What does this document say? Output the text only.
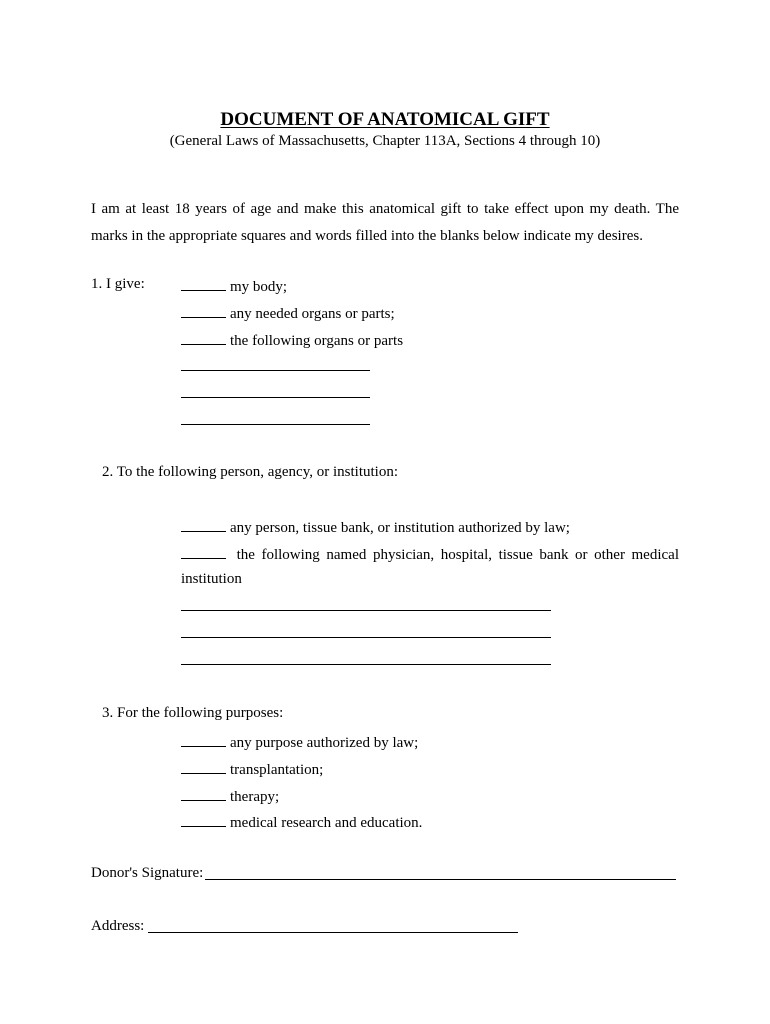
DOCUMENT OF ANATOMICAL GIFT
(General Laws of Massachusetts, Chapter 113A, Sections 4 through 10)
I am at least 18 years of age and make this anatomical gift to take effect upon my death. The marks in the appropriate squares and words filled into the blanks below indicate my desires.
1. I give:	my body;
any needed organs or parts;
the following organs or parts
2. To the following person, agency, or institution:
any person, tissue bank, or institution authorized by law;
the following named physician, hospital, tissue bank or other medical
institution
3. For the following purposes:
any purpose authorized by law;
transplantation;
therapy;
medical research and education.
Donor's Signature:
Address:
